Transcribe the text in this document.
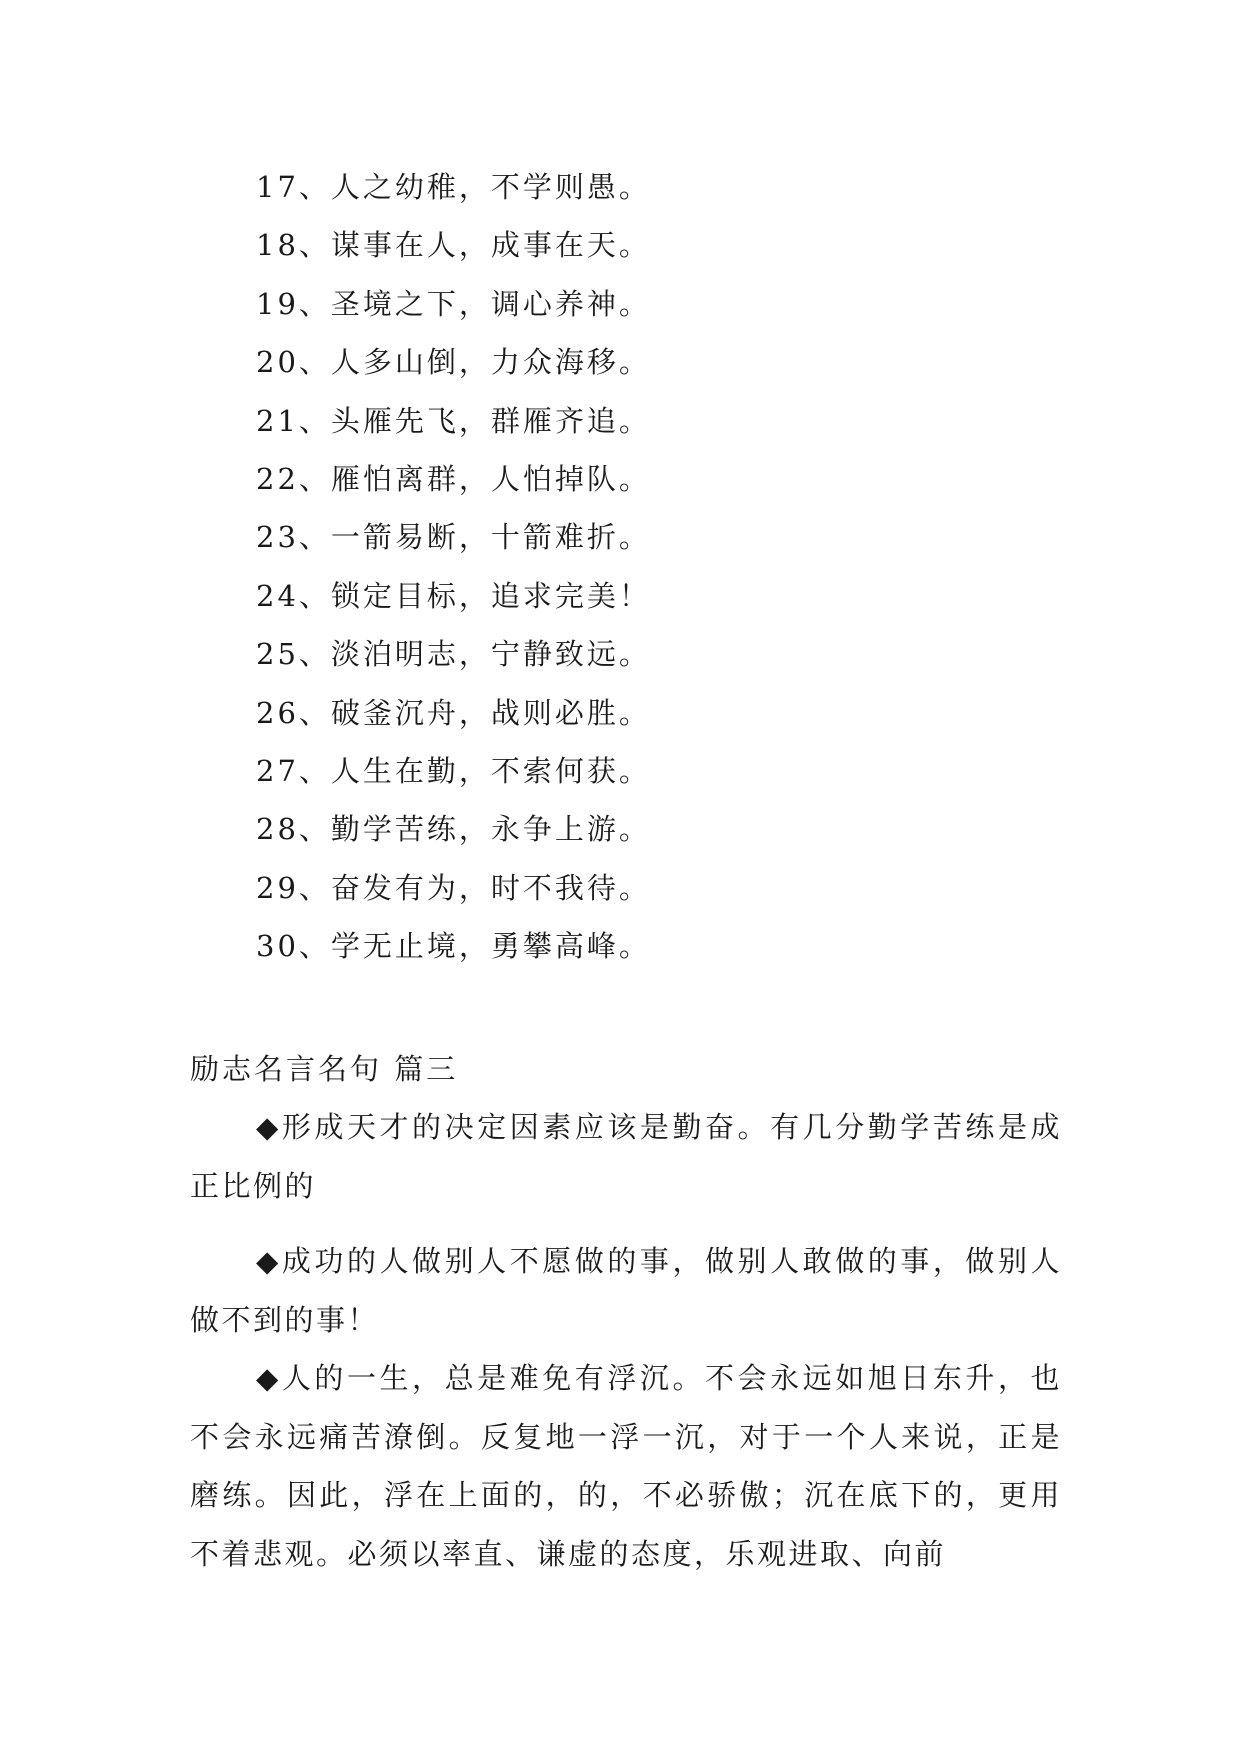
17、人之幼稚，不学则愚。
18、谋事在人，成事在天。
19、圣境之下，调心养神。
20、人多山倒，力众海移。
21、头雁先飞，群雁齐追。
22、雁怕离群，人怕掉队。
23、一箭易断，十箭难折。
24、锁定目标，追求完美！
25、淡泊明志，宁静致远。
26、破釜沉舟，战则必胜。
27、人生在勤，不索何获。
28、勤学苦练，永争上游。
29、奋发有为，时不我待。
30、学无止境，勇攀高峰。
励志名言名句 篇三

◆形成天才的决定因素应该是勤奋。有几分勤学苦练是成正比例的

◆成功的人做别人不愿做的事，做别人敢做的事，做别人做不到的事！

◆人的一生，总是难免有浮沉。不会永远如旭日东升，也不会永远痛苦潦倒。反复地一浮一沉，对于一个人来说，正是磨练。因此，浮在上面的，的，不必骄傲；沉在底下的，更用不着悲观。必须以率直、谦虚的态度，乐观进取、向前
